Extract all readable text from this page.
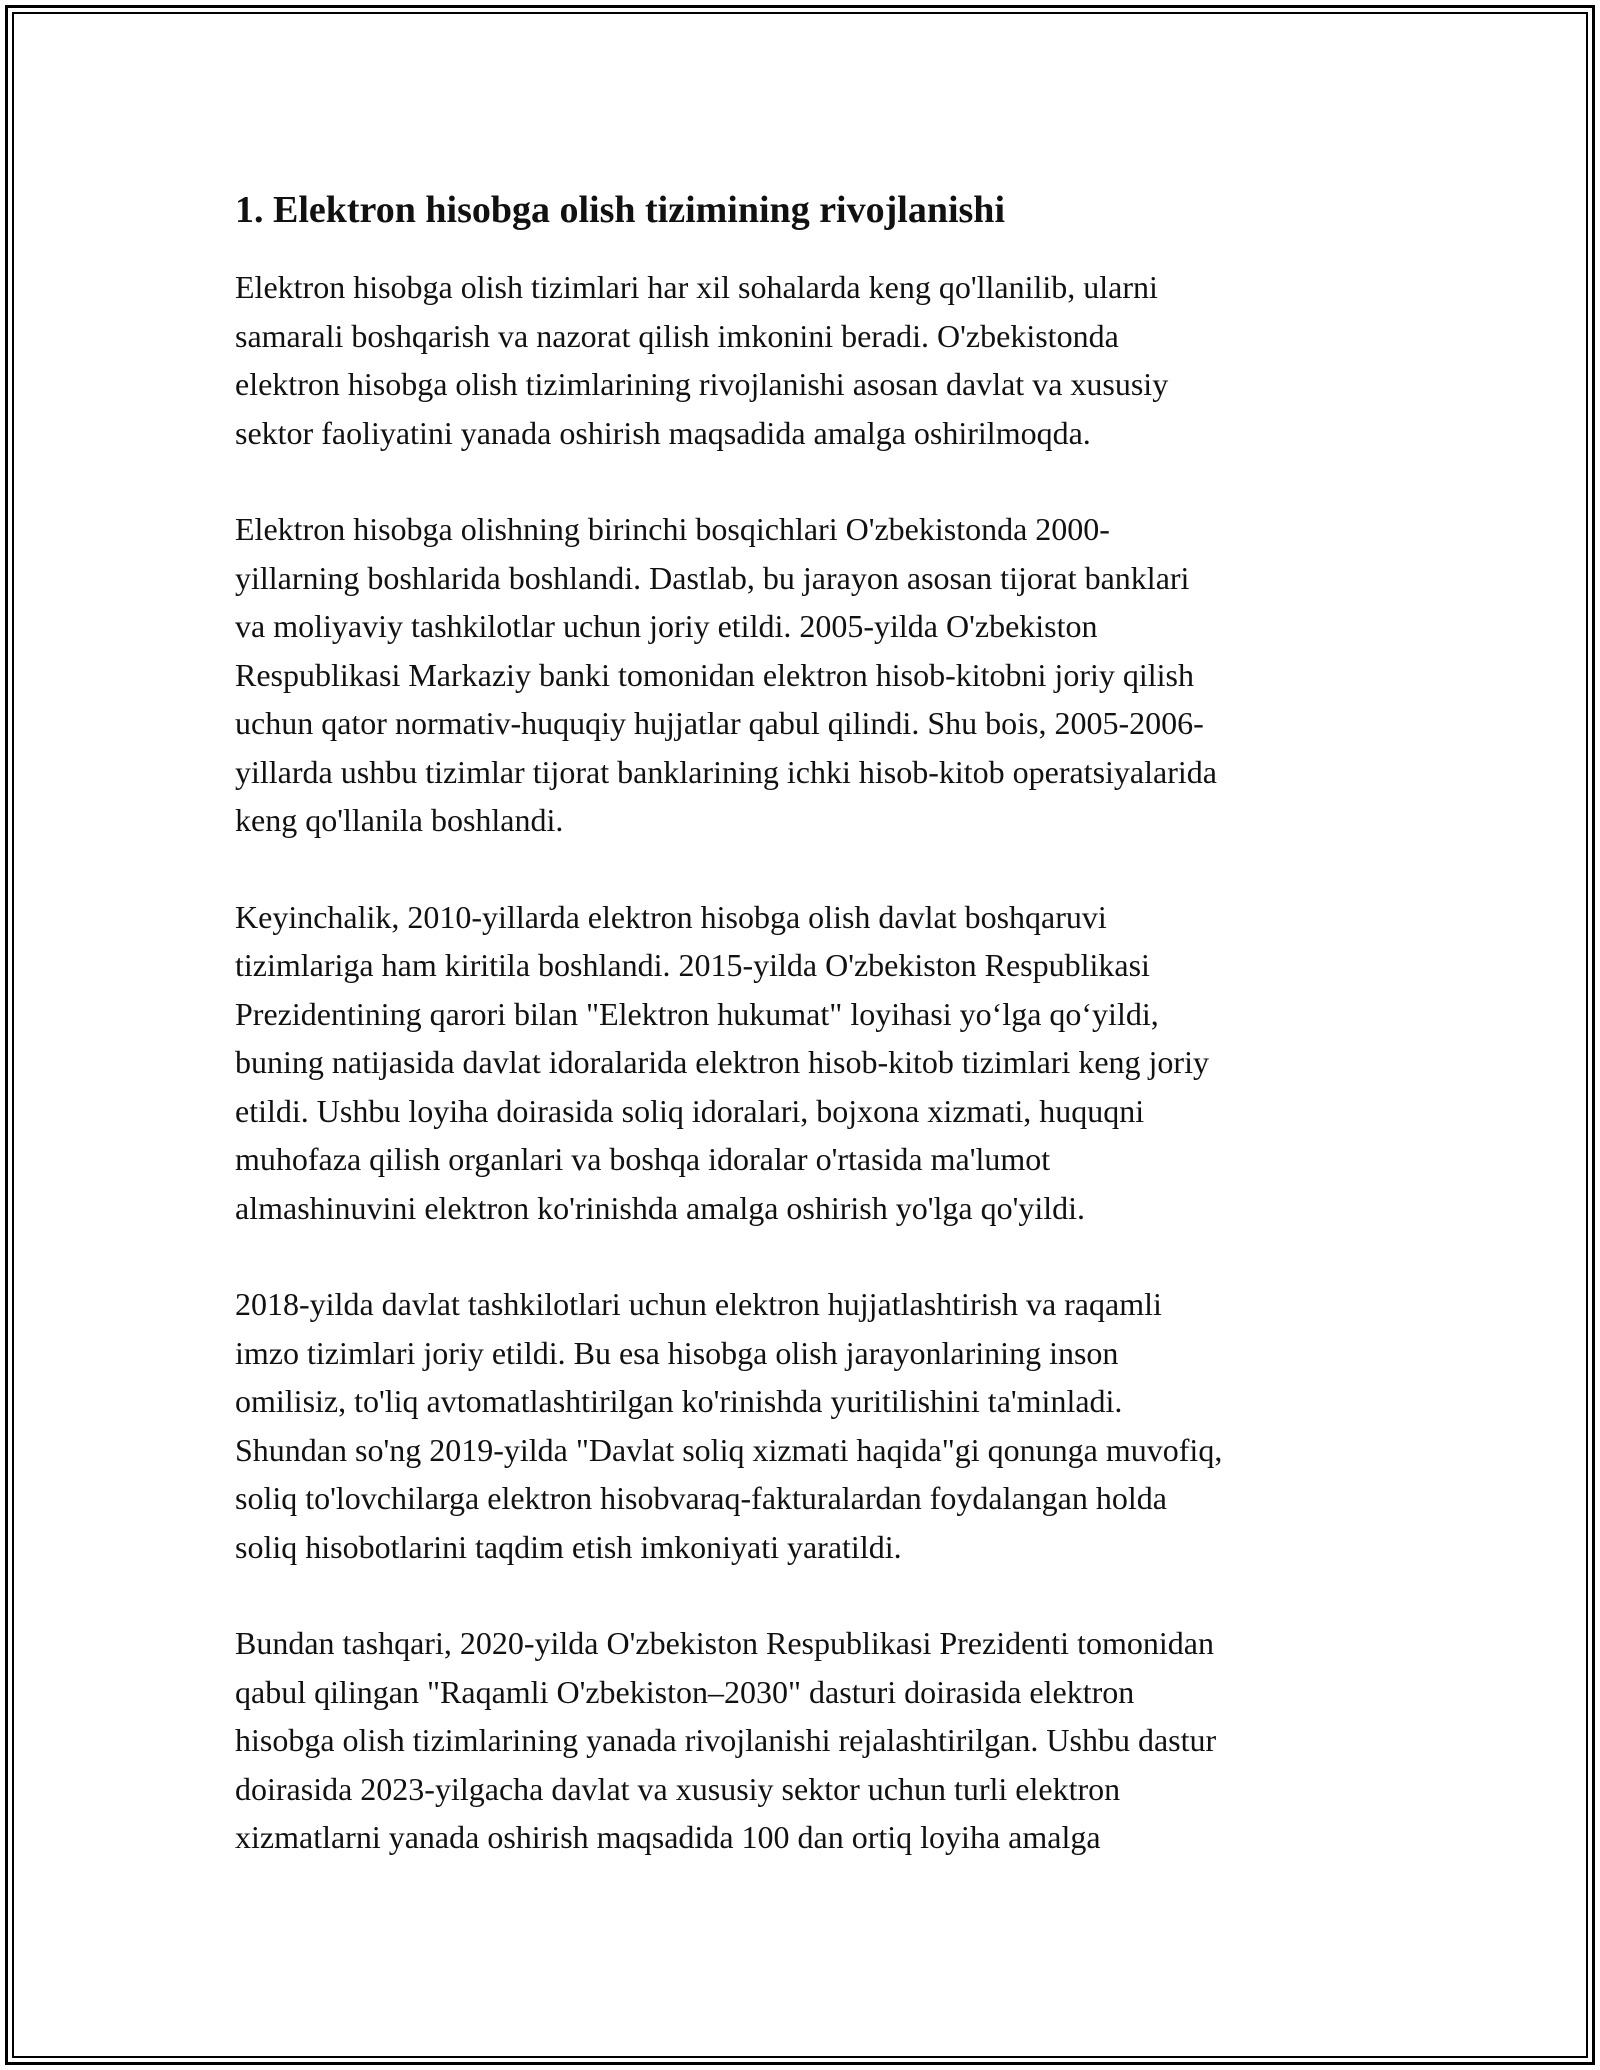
1. Elektron hisobga olish tizimining rivojlanishi

Elektron hisobga olish tizimlari har xil sohalarda keng qo'llanilib, ularni
samarali boshqarish va nazorat qilish imkonini beradi. O'zbekistonda
elektron hisobga olish tizimlarining rivojlanishi asosan davlat va xususiy
sektor faoliyatini yanada oshirish maqsadida amalga oshirilmoqda.

Elektron hisobga olishning birinchi bosqichlari O'zbekistonda 2000-
yillarning boshlarida boshlandi. Dastlab, bu jarayon asosan tijorat banklari
va moliyaviy tashkilotlar uchun joriy etildi. 2005-yilda O'zbekiston
Respublikasi Markaziy banki tomonidan elektron hisob-kitobni joriy qilish
uchun qator normativ-huquqiy hujjatlar qabul qilindi. Shu bois, 2005-2006-
yillarda ushbu tizimlar tijorat banklarining ichki hisob-kitob operatsiyalarida
keng qo'llanila boshlandi.

Keyinchalik, 2010-yillarda elektron hisobga olish davlat boshqaruvi
tizimlariga ham kiritila boshlandi. 2015-yilda O'zbekiston Respublikasi
Prezidentining qarori bilan "Elektron hukumat" loyihasi yo‘lga qo‘yildi,
buning natijasida davlat idoralarida elektron hisob-kitob tizimlari keng joriy
etildi. Ushbu loyiha doirasida soliq idoralari, bojxona xizmati, huquqni
muhofaza qilish organlari va boshqa idoralar o'rtasida ma'lumot
almashinuvini elektron ko'rinishda amalga oshirish yo'lga qo'yildi.

2018-yilda davlat tashkilotlari uchun elektron hujjatlashtirish va raqamli
imzo tizimlari joriy etildi. Bu esa hisobga olish jarayonlarining inson
omilisiz, to'liq avtomatlashtirilgan ko'rinishda yuritilishini ta'minladi.
Shundan so'ng 2019-yilda "Davlat soliq xizmati haqida"gi qonunga muvofiq,
soliq to'lovchilarga elektron hisobvaraq-fakturalardan foydalangan holda
soliq hisobotlarini taqdim etish imkoniyati yaratildi.

Bundan tashqari, 2020-yilda O'zbekiston Respublikasi Prezidenti tomonidan
qabul qilingan "Raqamli O'zbekiston–2030" dasturi doirasida elektron
hisobga olish tizimlarining yanada rivojlanishi rejalashtirilgan. Ushbu dastur
doirasida 2023-yilgacha davlat va xususiy sektor uchun turli elektron
xizmatlarni yanada oshirish maqsadida 100 dan ortiq loyiha amalga
